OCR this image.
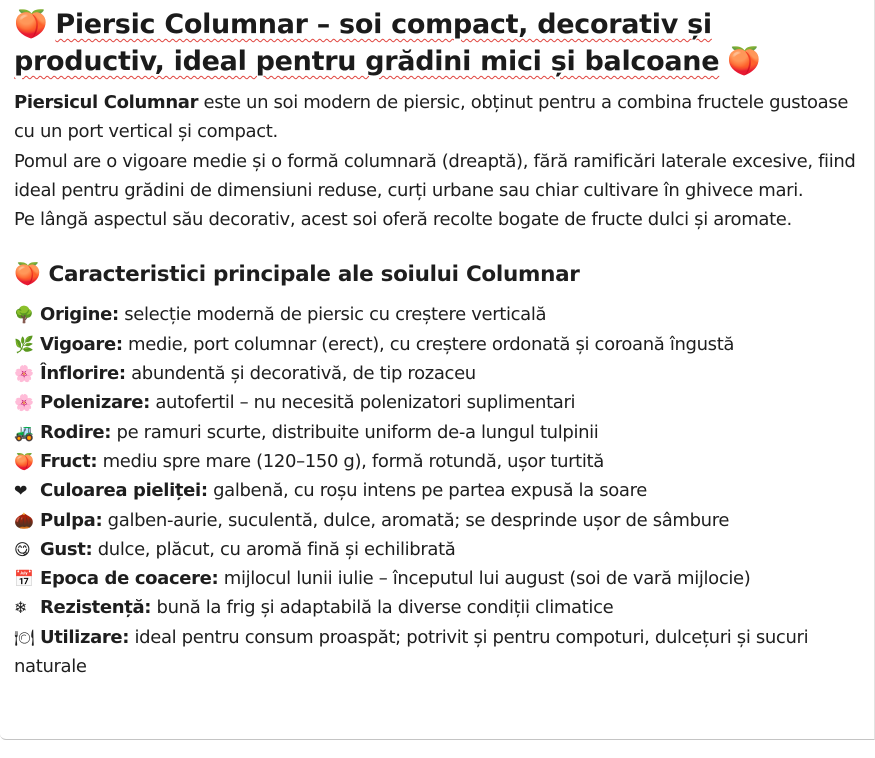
🍑 Piersic Columnar – soi compact, decorativ și productiv, ideal pentru grădini mici și balcoane 🍑

Piersicul Columnar este un soi modern de piersic, obținut pentru a combina fructele gustoase cu un port vertical și compact.

Pomul are o vigoare medie și o formă columnară (dreaptă), fără ramificări laterale excesive, fiind ideal pentru grădini de dimensiuni reduse, curți urbane sau chiar cultivare în ghivece mari.

Pe lângă aspectul său decorativ, acest soi oferă recolte bogate de fructe dulci și aromate.

🍑 Caracteristici principale ale soiului Columnar
🌳 Origine: selecție modernă de piersic cu creștere verticală
🌿 Vigoare: medie, port columnar (erect), cu creștere ordonată și coroană îngustă
🌸 Înflorire: abundentă și decorativă, de tip rozaceu
🌸 Polenizare: autofertil – nu necesită polenizatori suplimentari
🚜 Rodire: pe ramuri scurte, distribuite uniform de-a lungul tulpinii
🍑 Fruct: mediu spre mare (120–150 g), formă rotundă, ușor turtită
❤ Culoarea pieliței: galbenă, cu roșu intens pe partea expusă la soare
🌰 Pulpa: galben-aurie, suculentă, dulce, aromată; se desprinde ușor de sâmbure
😋 Gust: dulce, plăcut, cu aromă fină și echilibrată
📅 Epoca de coacere: mijlocul lunii iulie – începutul lui august (soi de vară mijlocie)
❄ Rezistență: bună la frig și adaptabilă la diverse condiții climatice
🍽 Utilizare: ideal pentru consum proaspăt; potrivit și pentru compoturi, dulcețuri și sucuri naturale
